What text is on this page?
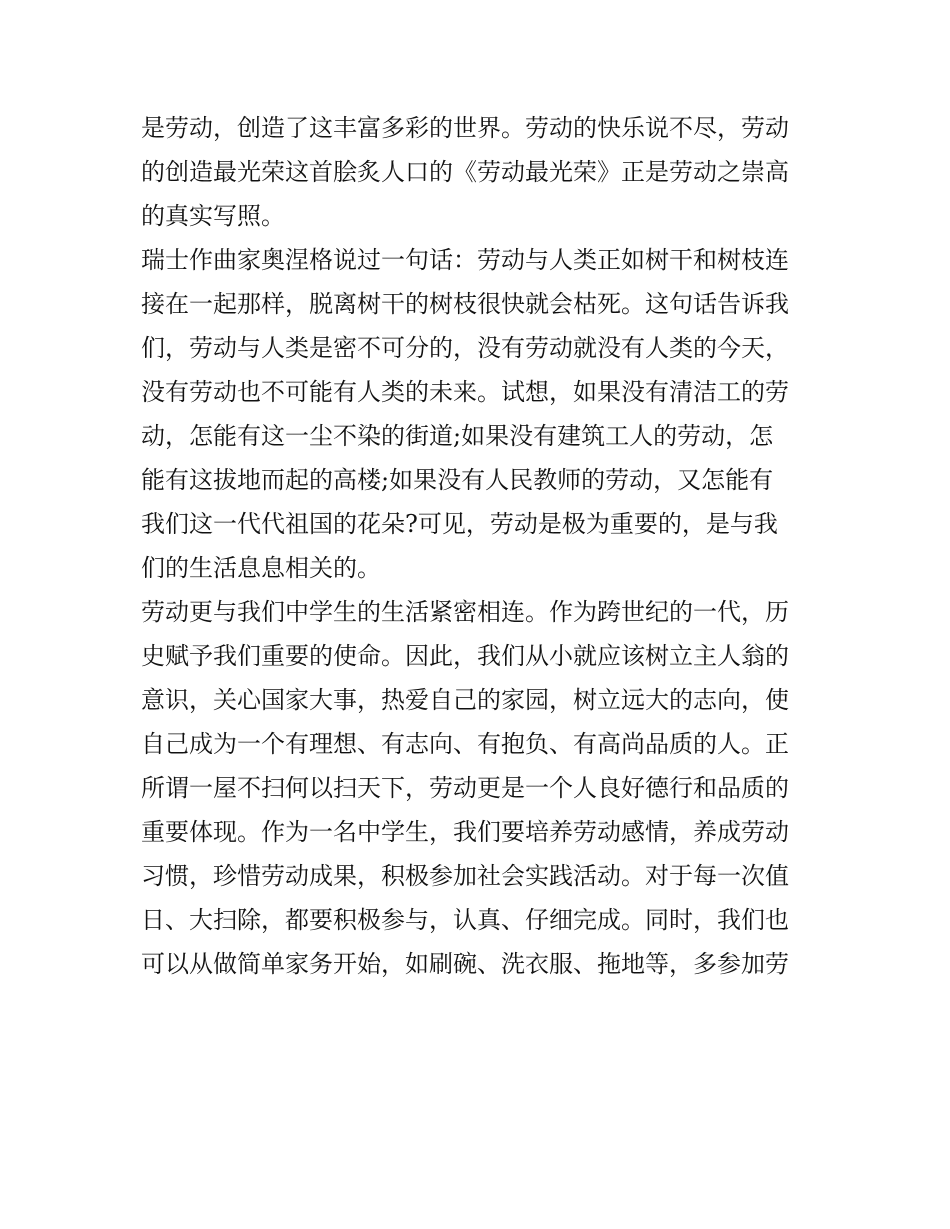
是劳动，创造了这丰富多彩的世界。劳动的快乐说不尽，劳动
的创造最光荣这首脍炙人口的《劳动最光荣》正是劳动之崇高
的真实写照。
瑞士作曲家奥涅格说过一句话：劳动与人类正如树干和树枝连
接在一起那样，脱离树干的树枝很快就会枯死。这句话告诉我
们，劳动与人类是密不可分的，没有劳动就没有人类的今天，
没有劳动也不可能有人类的未来。试想，如果没有清洁工的劳
动，怎能有这一尘不染的街道;如果没有建筑工人的劳动，怎
能有这拔地而起的高楼;如果没有人民教师的劳动，又怎能有
我们这一代代祖国的花朵?可见，劳动是极为重要的，是与我
们的生活息息相关的。
劳动更与我们中学生的生活紧密相连。作为跨世纪的一代，历
史赋予我们重要的使命。因此，我们从小就应该树立主人翁的
意识，关心国家大事，热爱自己的家园，树立远大的志向，使
自己成为一个有理想、有志向、有抱负、有高尚品质的人。正
所谓一屋不扫何以扫天下，劳动更是一个人良好德行和品质的
重要体现。作为一名中学生，我们要培养劳动感情，养成劳动
习惯，珍惜劳动成果，积极参加社会实践活动。对于每一次值
日、大扫除，都要积极参与，认真、仔细完成。同时，我们也
可以从做简单家务开始，如刷碗、洗衣服、拖地等，多参加劳
